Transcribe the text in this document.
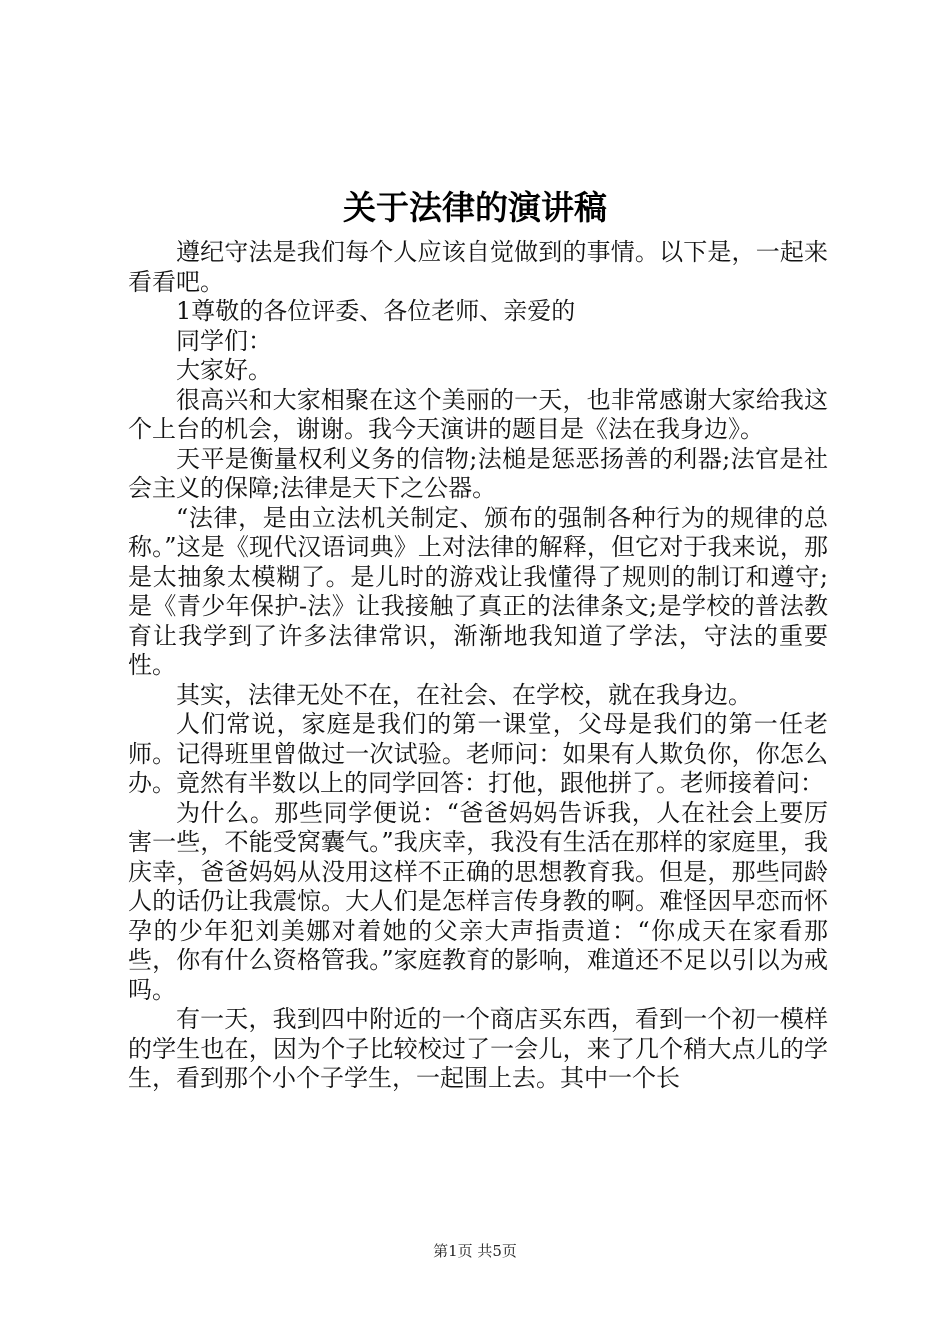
关于法律的演讲稿

遵纪守法是我们每个人应该自觉做到的事情。以下是，一起来看看吧。

1尊敬的各位评委、各位老师、亲爱的

同学们：

大家好。

很高兴和大家相聚在这个美丽的一天，也非常感谢大家给我这个上台的机会，谢谢。我今天演讲的题目是《法在我身边》。

天平是衡量权利义务的信物;法槌是惩恶扬善的利器;法官是社会主义的保障;法律是天下之公器。

“法律，是由立法机关制定、颁布的强制各种行为的规律的总称。”这是《现代汉语词典》上对法律的解释，但它对于我来说，那是太抽象太模糊了。是儿时的游戏让我懂得了规则的制订和遵守;是《青少年保护-法》让我接触了真正的法律条文;是学校的普法教育让我学到了许多法律常识，渐渐地我知道了学法，守法的重要性。

其实，法律无处不在，在社会、在学校，就在我身边。

人们常说，家庭是我们的第一课堂，父母是我们的第一任老师。记得班里曾做过一次试验。老师问：如果有人欺负你，你怎么办。竟然有半数以上的同学回答：打他，跟他拼了。老师接着问：

为什么。那些同学便说：“爸爸妈妈告诉我，人在社会上要厉害一些，不能受窝囊气。”我庆幸，我没有生活在那样的家庭里，我庆幸，爸爸妈妈从没用这样不正确的思想教育我。但是，那些同龄人的话仍让我震惊。大人们是怎样言传身教的啊。难怪因早恋而怀孕的少年犯刘美娜对着她的父亲大声指责道：“你成天在家看那些，你有什么资格管我。”家庭教育的影响，难道还不足以引以为戒吗。

有一天，我到四中附近的一个商店买东西，看到一个初一模样的学生也在，因为个子比较校过了一会儿，来了几个稍大点儿的学生，看到那个小个子学生，一起围上去。其中一个长

第1页 共5页
